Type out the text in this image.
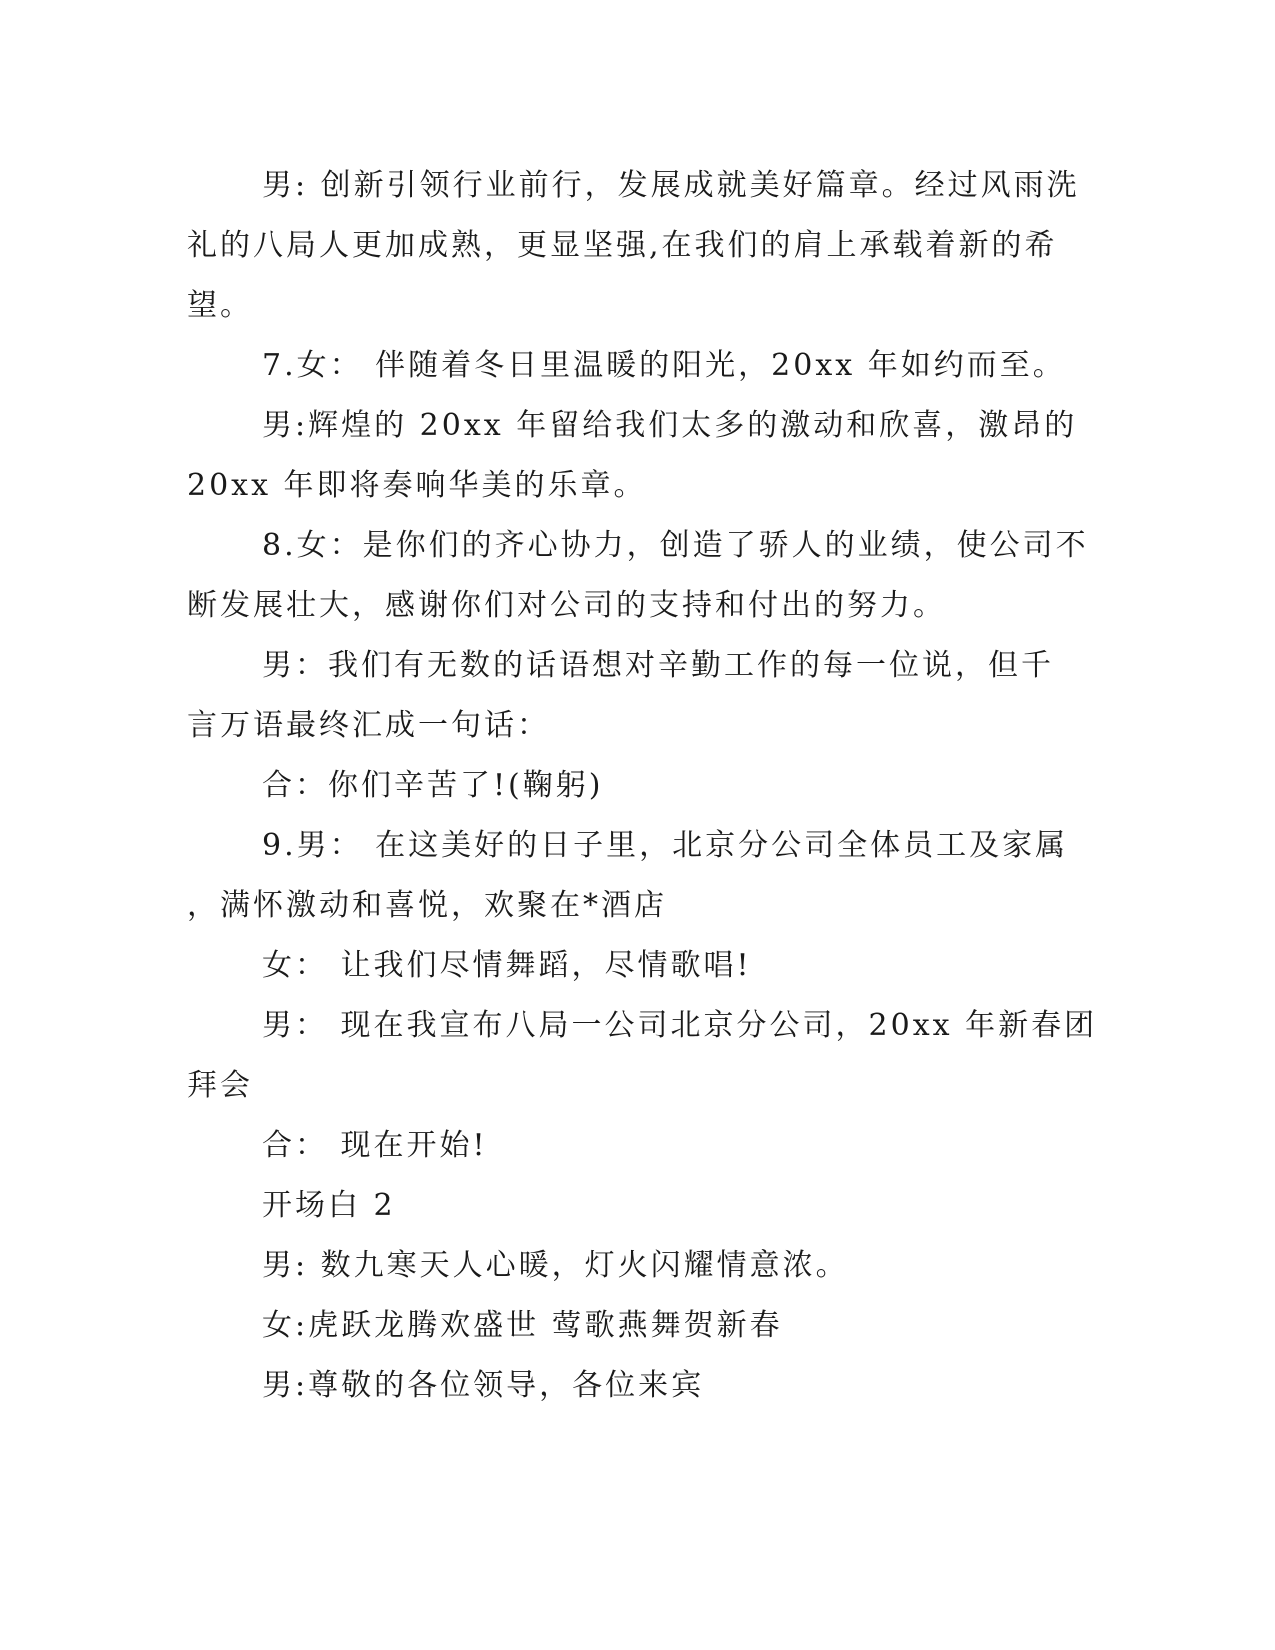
男: 创新引领行业前行，发展成就美好篇章。经过风雨洗
礼的八局人更加成熟，更显坚强,在我们的肩上承载着新的希
望。

7.女： 伴随着冬日里温暖的阳光，20xx 年如约而至。

男:辉煌的 20xx 年留给我们太多的激动和欣喜，激昂的
20xx 年即将奏响华美的乐章。

8.女：是你们的齐心协力，创造了骄人的业绩，使公司不
断发展壮大，感谢你们对公司的支持和付出的努力。

男：我们有无数的话语想对辛勤工作的每一位说，但千
言万语最终汇成一句话：

合：你们辛苦了!(鞠躬)

9.男： 在这美好的日子里，北京分公司全体员工及家属
，满怀激动和喜悦，欢聚在*酒店

女： 让我们尽情舞蹈，尽情歌唱!

男： 现在我宣布八局一公司北京分公司，20xx 年新春团
拜会

合： 现在开始!

开场白 2

男: 数九寒天人心暖，灯火闪耀情意浓。

女:虎跃龙腾欢盛世 莺歌燕舞贺新春

男:尊敬的各位领导，各位来宾
